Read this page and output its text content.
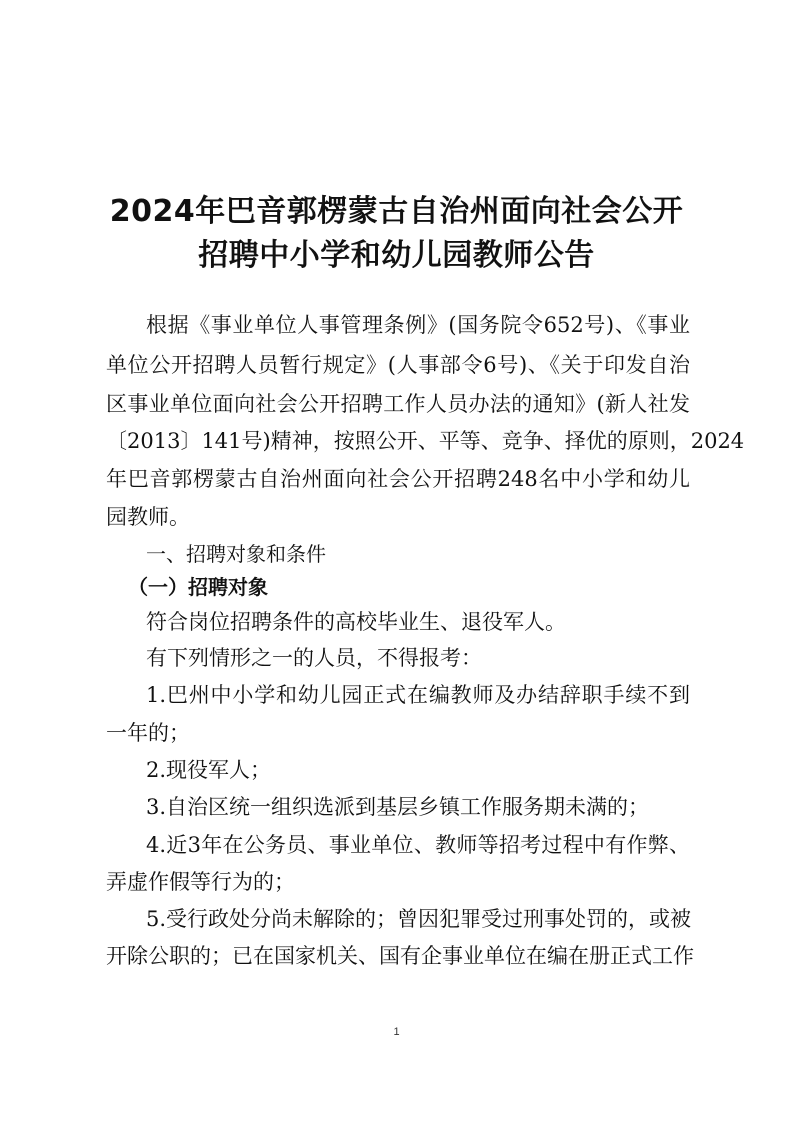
2024年巴音郭楞蒙古自治州面向社会公开
招聘中小学和幼儿园教师公告
根据《事业单位人事管理条例》(国务院令652号)、《事业
单位公开招聘人员暂行规定》(人事部令6号)、《关于印发自治
区事业单位面向社会公开招聘工作人员办法的通知》(新人社发
〔2013〕141号)精神，按照公开、平等、竞争、择优的原则，2024
年巴音郭楞蒙古自治州面向社会公开招聘248名中小学和幼儿
园教师。
一、招聘对象和条件
（一）招聘对象
符合岗位招聘条件的高校毕业生、退役军人。
有下列情形之一的人员，不得报考：
1.巴州中小学和幼儿园正式在编教师及办结辞职手续不到
一年的；
2.现役军人；
3.自治区统一组织选派到基层乡镇工作服务期未满的；
4.近3年在公务员、事业单位、教师等招考过程中有作弊、
弄虚作假等行为的；
5.受行政处分尚未解除的；曾因犯罪受过刑事处罚的，或被
开除公职的；已在国家机关、国有企事业单位在编在册正式工作
1
